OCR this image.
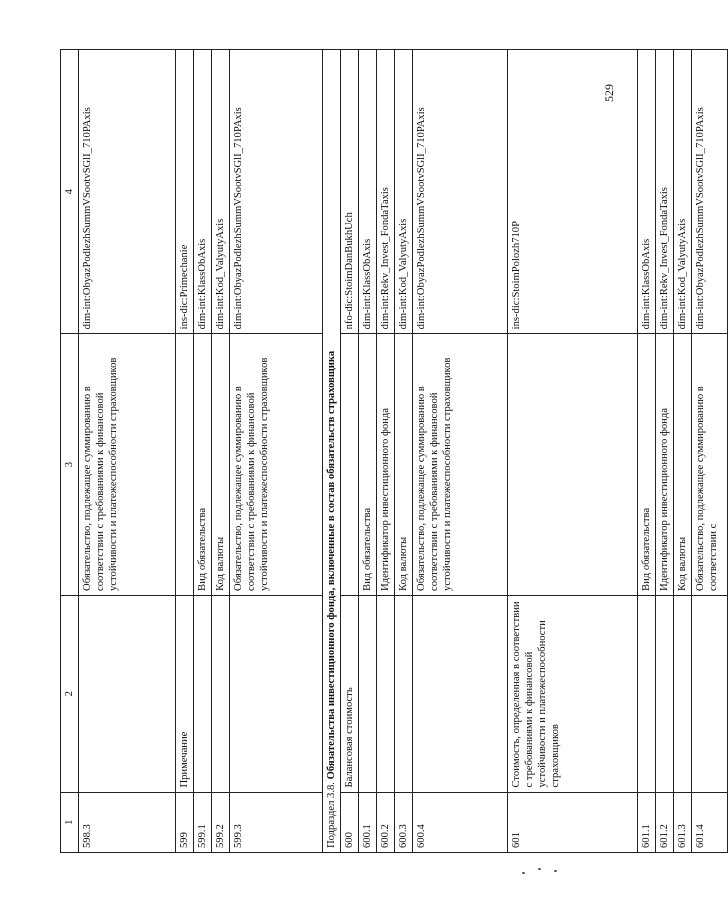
1	2	3	4
598.3		Обязательство, подлежащее суммированию в соответствии с требованиями к финансовой устойчивости и платежеспособности страховщиков	dim-int:ObyazPodlezhSummVSootvSGlI_710PAxis
599	Примечание		ins-dic:Primechanie
599.1		Вид обязательства	dim-int:KlassObAxis
599.2		Код валюты	dim-int:Kod_ValyutyAxis
599.3		Обязательство, подлежащее суммированию в соответствии с требованиями к финансовой устойчивости и платежеспособности страховщиков	dim-int:ObyazPodlezhSummVSootvSGlI_710PAxis
Подраздел 3.8. Обязательства инвестиционного фонда, включенные в состав обязательств страховщика			
600	Балансовая стоимость		nfo-dic:StoimDanBukhUch
600.1		Вид обязательства	dim-int:KlassObAxis
600.2		Идентификатор инвестиционного фонда	dim-int:Rekv_Invest_FondaTaxis
600.3		Код валюты	dim-int:Kod_ValyutyAxis
600.4		Обязательство, подлежащее суммированию в соответствии с требованиями к финансовой устойчивости и платежеспособности страховщиков	dim-int:ObyazPodlezhSummVSootvSGlI_710PAxis
601	Стоимость, определенная в соответствии с требованиями к финансовой устойчивости и платежеспособности страховщиков		ins-dic:StoimPolozh710P
601.1		Вид обязательства	dim-int:KlassObAxis
601.2		Идентификатор инвестиционного фонда	dim-int:Rekv_Invest_FondaTaxis
601.3		Код валюты	dim-int:Kod_ValyutyAxis
601.4		Обязательство, подлежащее суммированию в соответствии с	dim-int:ObyazPodlezhSummVSootvSGlI_710PAxis
529
